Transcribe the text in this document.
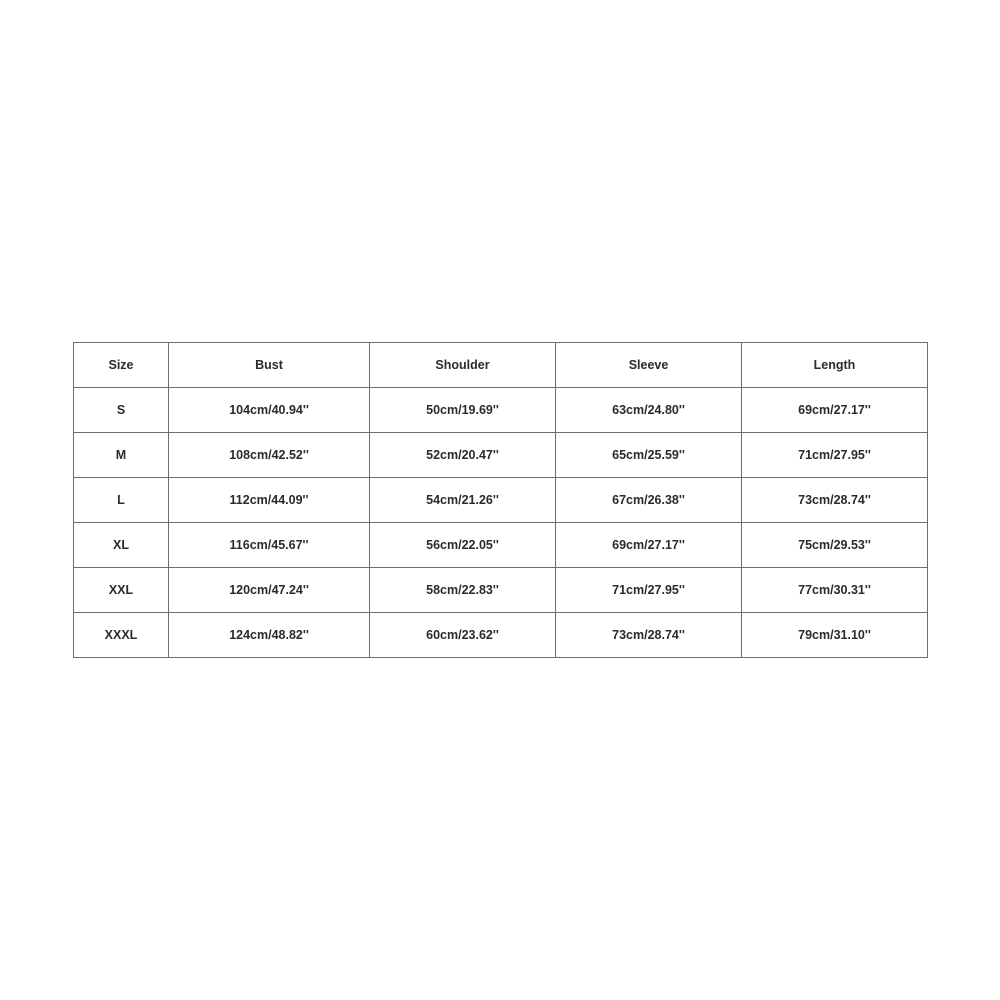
Size	Bust	Shoulder	Sleeve	Length
S	104cm/40.94''	50cm/19.69''	63cm/24.80''	69cm/27.17''
M	108cm/42.52''	52cm/20.47''	65cm/25.59''	71cm/27.95''
L	112cm/44.09''	54cm/21.26''	67cm/26.38''	73cm/28.74''
XL	116cm/45.67''	56cm/22.05''	69cm/27.17''	75cm/29.53''
XXL	120cm/47.24''	58cm/22.83''	71cm/27.95''	77cm/30.31''
XXXL	124cm/48.82''	60cm/23.62''	73cm/28.74''	79cm/31.10''
